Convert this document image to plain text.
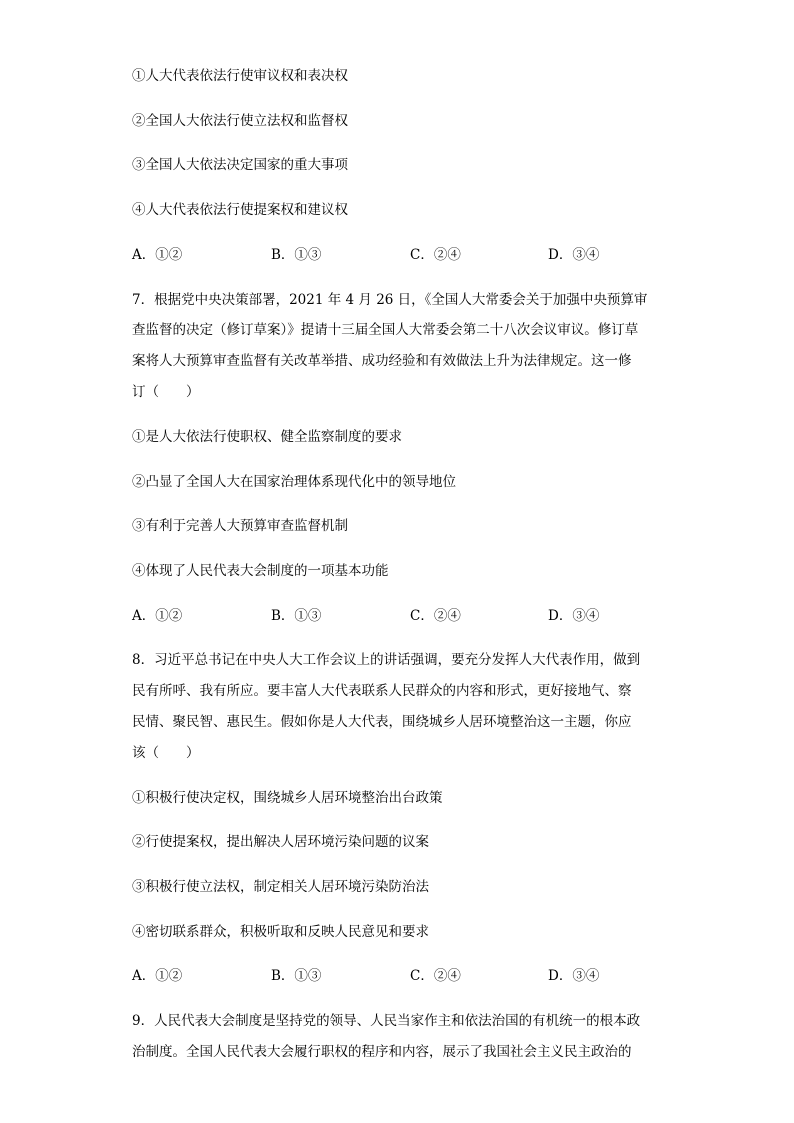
①人大代表依法行使审议权和表决权
②全国人大依法行使立法权和监督权
③全国人大依法决定国家的重大事项
④人大代表依法行使提案权和建议权
A．①②	B．①③	C．②④	D．③④
7．根据党中央决策部署，2021 年 4 月 26 日，《全国人大常委会关于加强中央预算审
查监督的决定（修订草案）》提请十三届全国人大常委会第二十八次会议审议。修订草
案将人大预算审查监督有关改革举措、成功经验和有效做法上升为法律规定。这一修
订（　　）
①是人大依法行使职权、健全监察制度的要求
②凸显了全国人大在国家治理体系现代化中的领导地位
③有利于完善人大预算审查监督机制
④体现了人民代表大会制度的一项基本功能
A．①②	B．①③	C．②④	D．③④
8．习近平总书记在中央人大工作会议上的讲话强调，要充分发挥人大代表作用，做到
民有所呼、我有所应。要丰富人大代表联系人民群众的内容和形式，更好接地气、察
民情、聚民智、惠民生。假如你是人大代表，围绕城乡人居环境整治这一主题，你应
该（　　）
①积极行使决定权，围绕城乡人居环境整治出台政策
②行使提案权，提出解决人居环境污染问题的议案
③积极行使立法权，制定相关人居环境污染防治法
④密切联系群众，积极听取和反映人民意见和要求
A．①②	B．①③	C．②④	D．③④
9．人民代表大会制度是坚持党的领导、人民当家作主和依法治国的有机统一的根本政
治制度。全国人民代表大会履行职权的程序和内容，展示了我国社会主义民主政治的
